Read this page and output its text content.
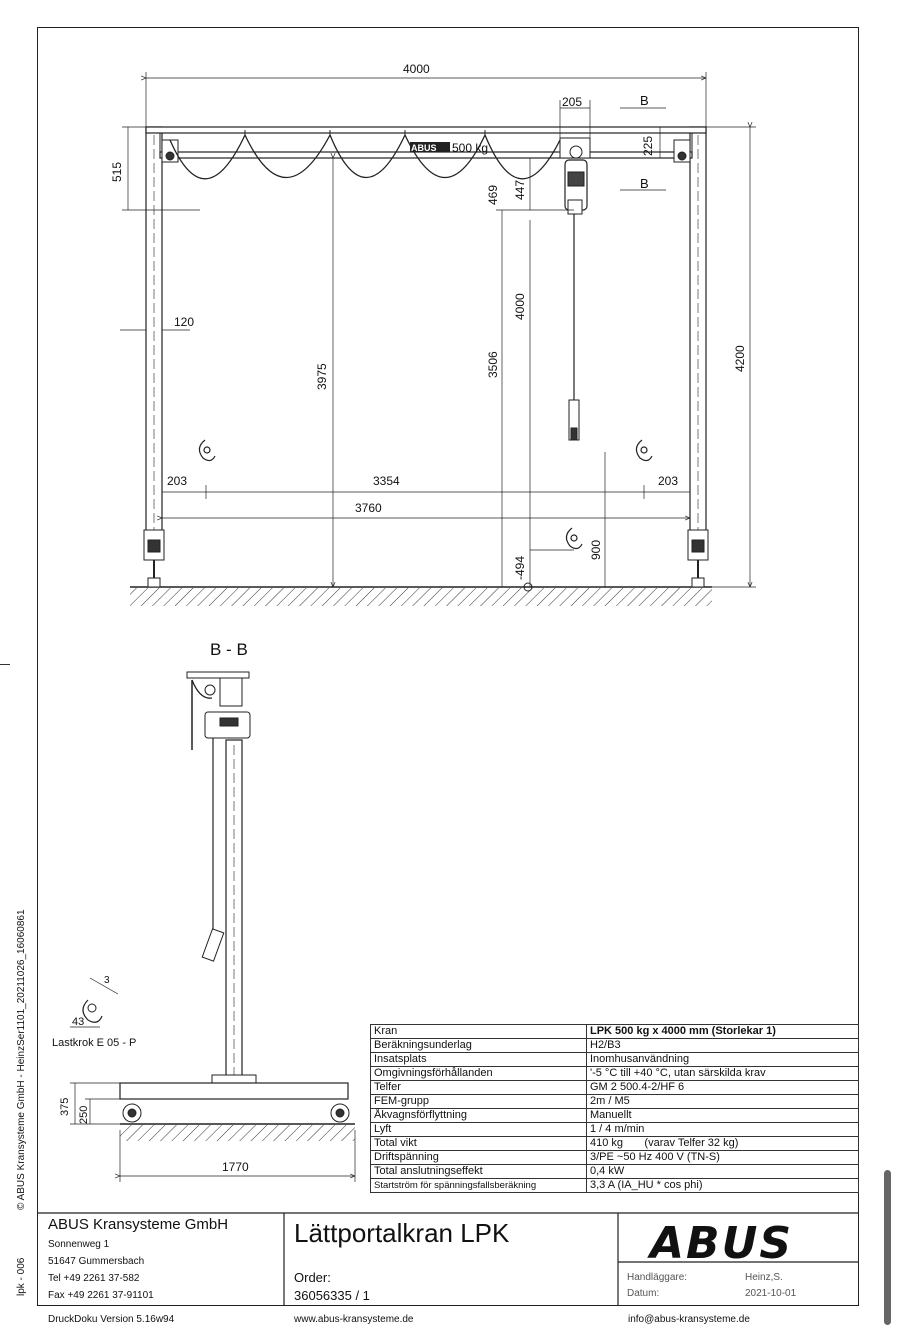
4000
205	B
B
225
515
120
3975
203	203
3354
3760
469 447
4000
3506
-494
900
4200
ABUS 500 kg
B - B
3
43
Lastkrok E 05 - P
375 250
1770
Kran	LPK 500 kg x 4000 mm (Storlekar 1)
Beräkningsunderlag	H2/B3
Insatsplats	Inomhusanvändning
Omgivningsförhållanden	'-5 °C till +40 °C, utan särskilda krav
Telfer	GM 2 500.4-2/HF 6
FEM-grupp	2m / M5
Åkvagnsförflyttning	Manuellt
Lyft	1 / 4 m/min
Total vikt	410 kg       (varav Telfer 32 kg)
Driftspänning	3/PE ~50 Hz 400 V (TN-S)
Total anslutningseffekt	0,4 kW
Startström för spänningsfallsberäkning	3,3 A (IA_HU * cos phi)
ABUS Kransysteme GmbH
Sonnenweg 1
51647 Gummersbach
Tel +49 2261 37-582
Fax +49 2261 37-91101
Lättportalkran LPK
Order:
36056335 / 1
ABUS
Handläggare:	Heinz,S.
Datum:	2021-10-01
DruckDoku Version 5.16w94	www.abus-kransysteme.de	info@abus-kransysteme.de
© ABUS Kransysteme GmbH - HeinzSer1101_20211026_16060861
lpk - 006
